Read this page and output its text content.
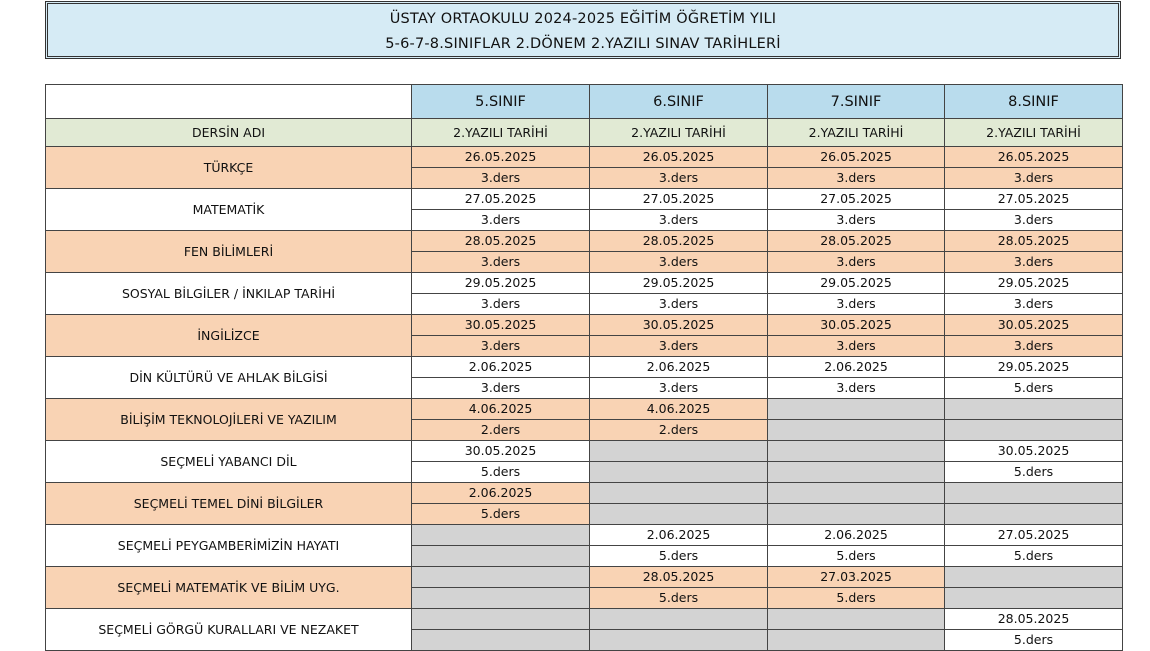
ÜSTAY ORTAOKULU 2024-2025 EĞİTİM ÖĞRETİM YILI
5-6-7-8.SINIFLAR 2.DÖNEM 2.YAZILI SINAV TARİHLERİ
	5.SINIF	6.SINIF	7.SINIF	8.SINIF
DERSİN ADI	2.YAZILI TARİHİ	2.YAZILI TARİHİ	2.YAZILI TARİHİ	2.YAZILI TARİHİ
TÜRKÇE	26.05.2025	26.05.2025	26.05.2025	26.05.2025
	3.ders	3.ders	3.ders	3.ders
MATEMATİK	27.05.2025	27.05.2025	27.05.2025	27.05.2025
	3.ders	3.ders	3.ders	3.ders
FEN BİLİMLERİ	28.05.2025	28.05.2025	28.05.2025	28.05.2025
	3.ders	3.ders	3.ders	3.ders
SOSYAL BİLGİLER / İNKILAP TARİHİ	29.05.2025	29.05.2025	29.05.2025	29.05.2025
	3.ders	3.ders	3.ders	3.ders
İNGİLİZCE	30.05.2025	30.05.2025	30.05.2025	30.05.2025
	3.ders	3.ders	3.ders	3.ders
DİN KÜLTÜRÜ VE AHLAK BİLGİSİ	2.06.2025	2.06.2025	2.06.2025	29.05.2025
	3.ders	3.ders	3.ders	5.ders
BİLİŞİM TEKNOLOJİLERİ VE YAZILIM	4.06.2025	4.06.2025		
	2.ders	2.ders		
SEÇMELİ YABANCI DİL	30.05.2025			30.05.2025
	5.ders			5.ders
SEÇMELİ TEMEL DİNİ BİLGİLER	2.06.2025			
	5.ders			
SEÇMELİ PEYGAMBERİMİZİN HAYATI		2.06.2025	2.06.2025	27.05.2025
		5.ders	5.ders	5.ders
SEÇMELİ MATEMATİK VE BİLİM UYG.		28.05.2025	27.03.2025	
		5.ders	5.ders	
SEÇMELİ GÖRGÜ KURALLARI VE NEZAKET				28.05.2025
				5.ders
